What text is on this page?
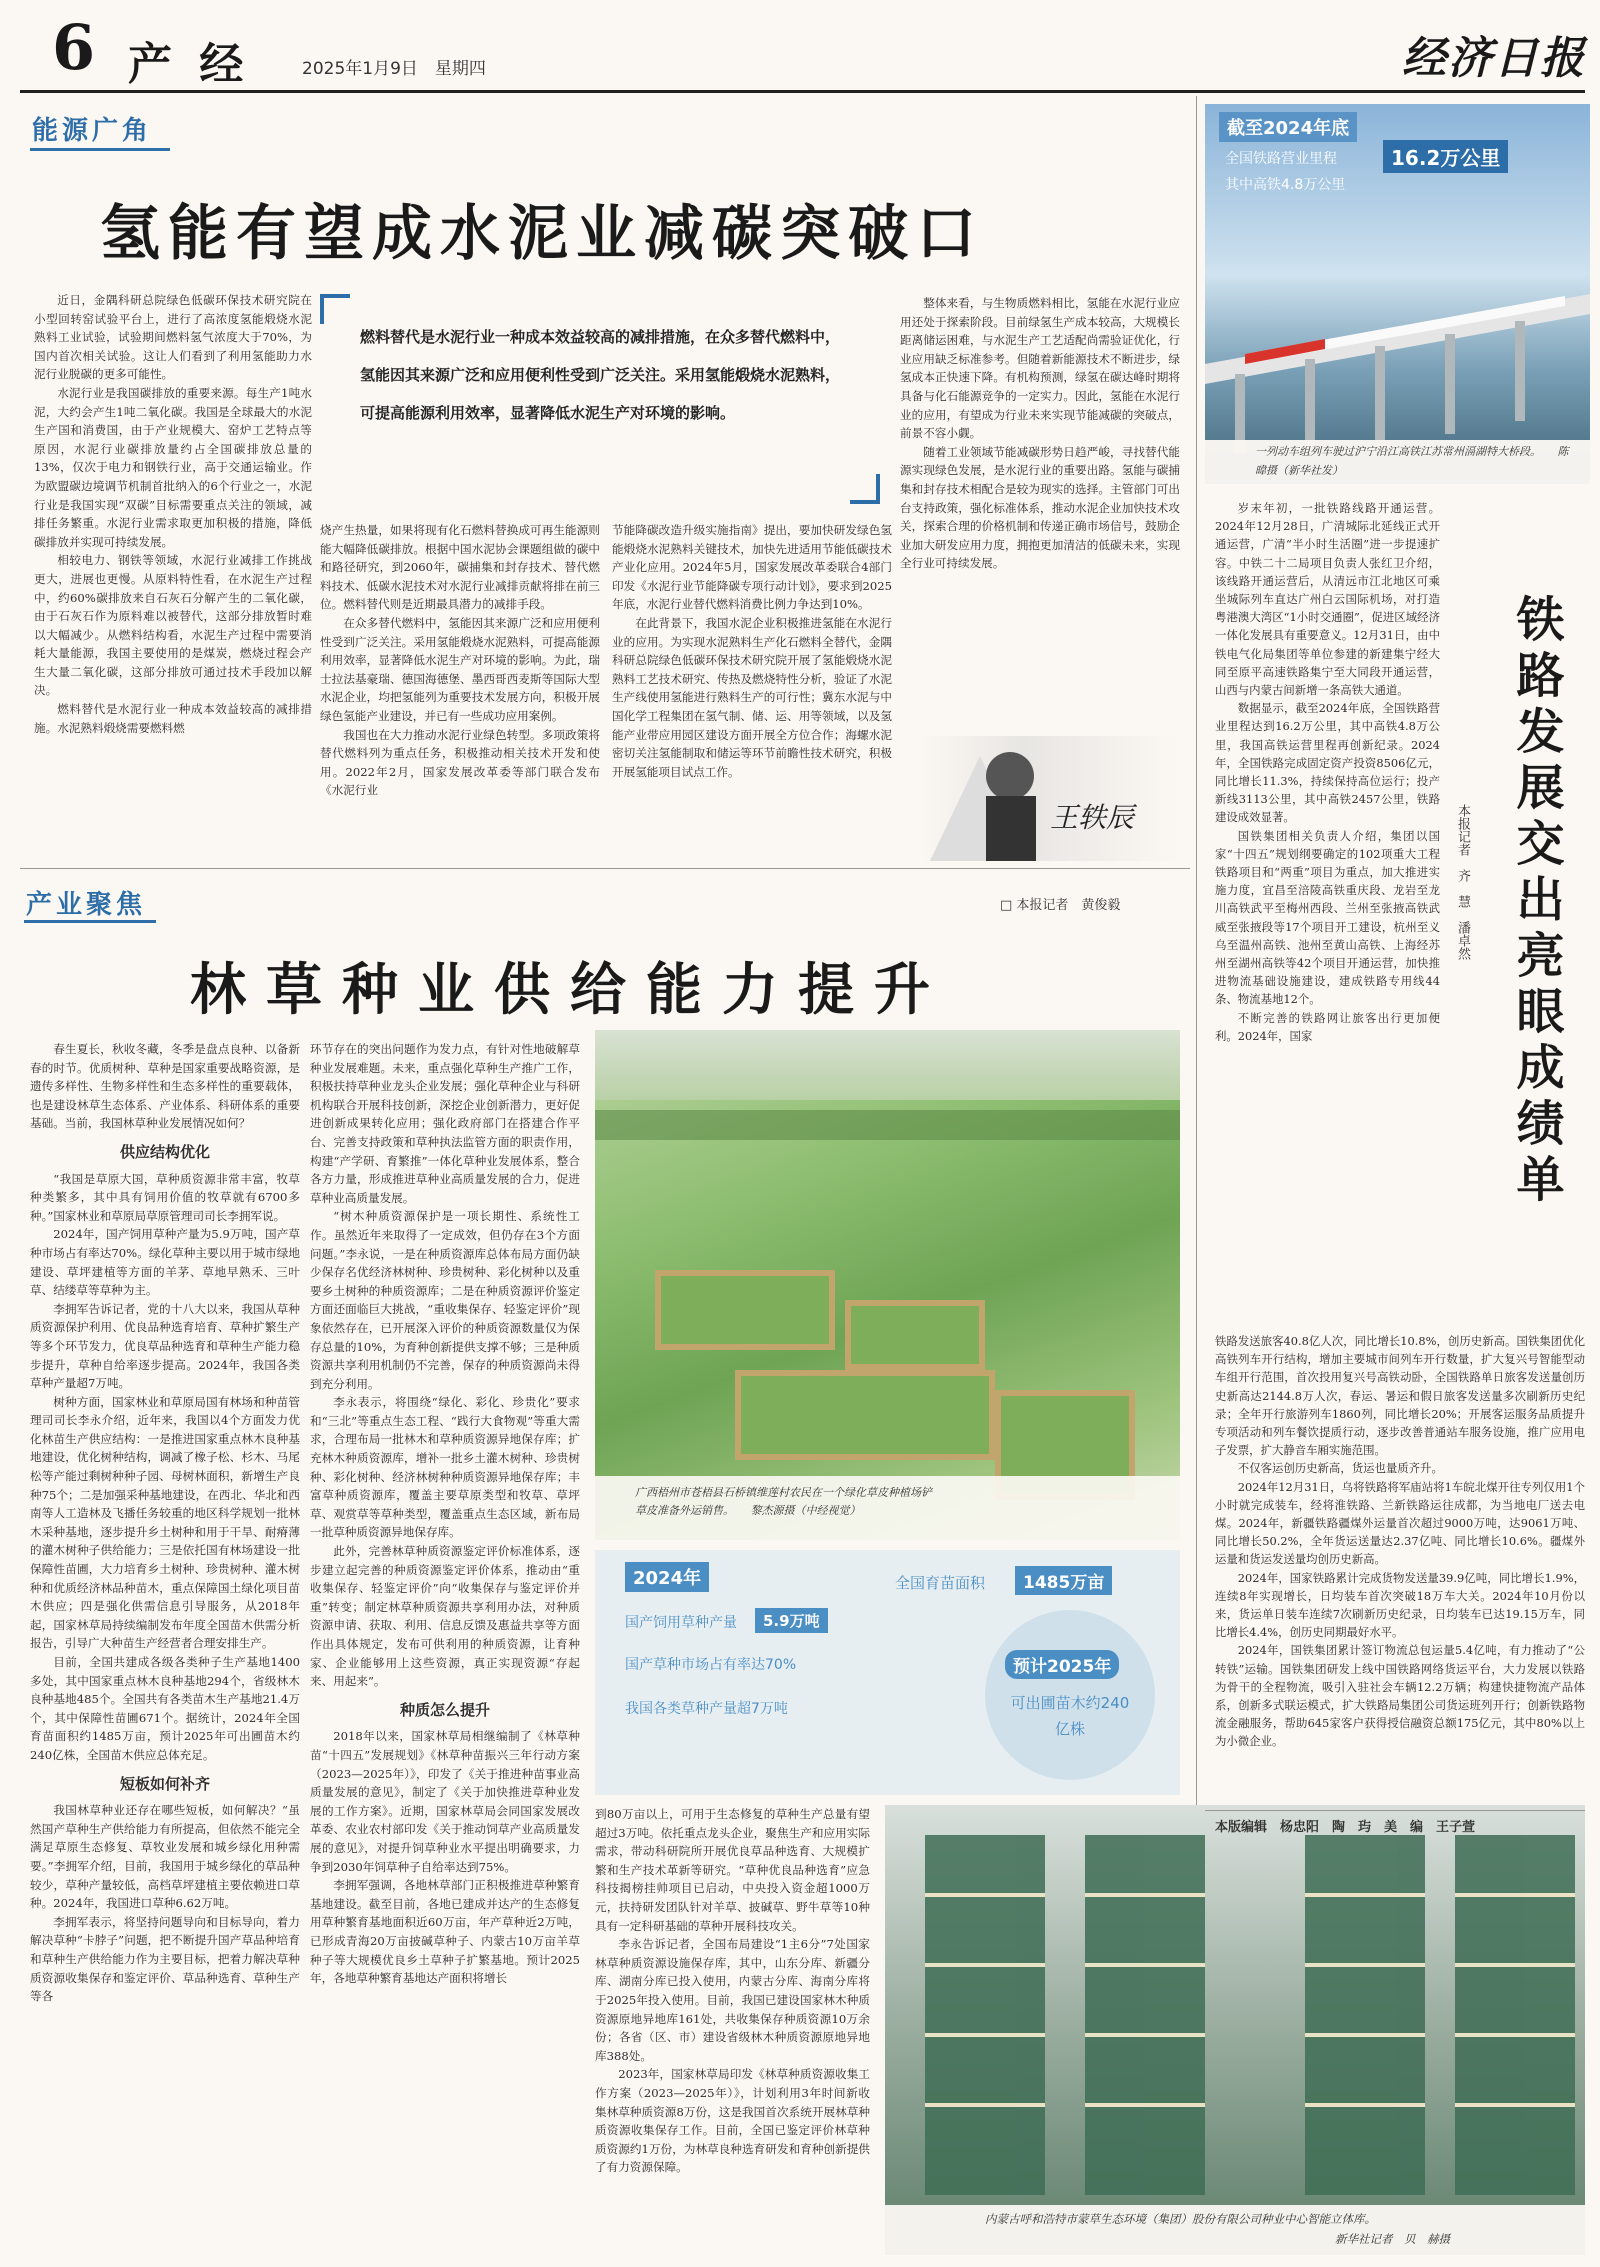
6 产 经	2025年1月9日　星期四	经济日报
能源广角
氢能有望成水泥业减碳突破口

近日，金隅科研总院绿色低碳环保技术研究院在小型回转窑试验平台上，进行了高浓度氢能煅烧水泥熟料工业试验，试验期间燃料氢气浓度大于70%，为国内首次相关试验。这让人们看到了利用氢能助力水泥行业脱碳的更多可能性。

水泥行业是我国碳排放的重要来源。每生产1吨水泥，大约会产生1吨二氧化碳。我国是全球最大的水泥生产国和消费国，由于产业规模大、窑炉工艺特点等原因，水泥行业碳排放量约占全国碳排放总量的13%，仅次于电力和钢铁行业，高于交通运输业。作为欧盟碳边境调节机制首批纳入的6个行业之一，水泥行业是我国实现“双碳”目标需要重点关注的领域，减排任务繁重。水泥行业需求取更加积极的措施，降低碳排放并实现可持续发展。

相较电力、钢铁等领域，水泥行业减排工作挑战更大，进展也更慢。从原料特性看，在水泥生产过程中，约60%碳排放来自石灰石分解产生的二氧化碳，由于石灰石作为原料难以被替代，这部分排放暂时难以大幅减少。从燃料结构看，水泥生产过程中需要消耗大量能源，我国主要使用的是煤炭，燃烧过程会产生大量二氧化碳，这部分排放可通过技术手段加以解决。

燃料替代是水泥行业一种成本效益较高的减排措施。水泥熟料煅烧需要燃料燃

燃料替代是水泥行业一种成本效益较高的减排措施，在众多替代燃料中，氢能因其来源广泛和应用便利性受到广泛关注。采用氢能煅烧水泥熟料，可提高能源利用效率，显著降低水泥生产对环境的影响。

烧产生热量，如果将现有化石燃料替换成可再生能源则能大幅降低碳排放。根据中国水泥协会课题组做的碳中和路径研究，到2060年，碳捕集和封存技术、替代燃料技术、低碳水泥技术对水泥行业减排贡献将排在前三位。燃料替代则是近期最具潜力的减排手段。

在众多替代燃料中，氢能因其来源广泛和应用便利性受到广泛关注。采用氢能煅烧水泥熟料，可提高能源利用效率，显著降低水泥生产对环境的影响。为此，瑞士拉法基豪瑞、德国海德堡、墨西哥西麦斯等国际大型水泥企业，均把氢能列为重要技术发展方向，积极开展绿色氢能产业建设，并已有一些成功应用案例。

我国也在大力推动水泥行业绿色转型。多项政策将替代燃料列为重点任务，积极推动相关技术开发和使用。2022年2月，国家发展改革委等部门联合发布《水泥行业

节能降碳改造升级实施指南》提出，要加快研发绿色氢能煅烧水泥熟料关键技术，加快先进适用节能低碳技术产业化应用。2024年5月，国家发展改革委联合4部门印发《水泥行业节能降碳专项行动计划》，要求到2025年底，水泥行业替代燃料消费比例力争达到10%。

在此背景下，我国水泥企业积极推进氢能在水泥行业的应用。为实现水泥熟料生产化石燃料全替代，金隅科研总院绿色低碳环保技术研究院开展了氢能煅烧水泥熟料工艺技术研究、传热及燃烧特性分析，验证了水泥生产线使用氢能进行熟料生产的可行性；冀东水泥与中国化学工程集团在氢气制、储、运、用等领域，以及氢能产业带应用园区建设方面开展全方位合作；海螺水泥密切关注氢能制取和储运等环节前瞻性技术研究，积极开展氢能项目试点工作。

整体来看，与生物质燃料相比，氢能在水泥行业应用还处于探索阶段。目前绿氢生产成本较高，大规模长距离储运困难，与水泥生产工艺适配尚需验证优化，行业应用缺乏标准参考。但随着新能源技术不断进步，绿氢成本正快速下降。有机构预测，绿氢在碳达峰时期将具备与化石能源竞争的一定实力。因此，氢能在水泥行业的应用，有望成为行业未来实现节能减碳的突破点，前景不容小觑。

随着工业领域节能减碳形势日趋严峻，寻找替代能源实现绿色发展，是水泥行业的重要出路。氢能与碳捕集和封存技术相配合是较为现实的选择。主管部门可出台支持政策，强化标准体系，推动水泥企业加快技术攻关，探索合理的价格机制和传递正确市场信号，鼓励企业加大研发应用力度，拥抱更加清洁的低碳未来，实现全行业可持续发展。

王轶辰
产业聚焦	□ 本报记者　黄俊毅
林草种业供给能力提升

春生夏长，秋收冬藏，冬季是盘点良种、以备新春的时节。优质树种、草种是国家重要战略资源，是遗传多样性、生物多样性和生态多样性的重要载体，也是建设林草生态体系、产业体系、科研体系的重要基础。当前，我国林草种业发展情况如何？

供应结构优化

“我国是草原大国，草种质资源非常丰富，牧草种类繁多，其中具有饲用价值的牧草就有6700多种。”国家林业和草原局草原管理司司长李拥军说。

2024年，国产饲用草种产量为5.9万吨，国产草种市场占有率达70%。绿化草种主要以用于城市绿地建设、草坪建植等方面的羊茅、草地早熟禾、三叶草、结缕草等草种为主。

李拥军告诉记者，党的十八大以来，我国从草种质资源保护利用、优良品种选育培育、草种扩繁生产等多个环节发力，优良草品种选育和草种生产能力稳步提升，草种自给率逐步提高。2024年，我国各类草种产量超7万吨。

树种方面，国家林业和草原局国有林场和种苗管理司司长李永介绍，近年来，我国以4个方面发力优化林苗生产供应结构：一是推进国家重点林木良种基地建设，优化树种结构，调减了橡子松、杉木、马尾松等产能过剩树种种子园、母树林面积，新增生产良种75个；二是加强采种基地建设，在西北、华北和西南等人工造林及飞播任务较重的地区科学规划一批林木采种基地，逐步提升乡土树种和用于干旱、耐瘠薄的灌木树种子供给能力；三是依托国有林场建设一批保障性苗圃，大力培育乡土树种、珍贵树种、灌木树种和优质经济林品种苗木，重点保障国土绿化项目苗木供应；四是强化供需信息引导服务，从2018年起，国家林草局持续编制发布年度全国苗木供需分析报告，引导广大种苗生产经营者合理安排生产。

目前，全国共建成各级各类种子生产基地1400多处，其中国家重点林木良种基地294个，省级林木良种基地485个。全国共有各类苗木生产基地21.4万个，其中保障性苗圃671个。据统计，2024年全国育苗面积约1485万亩，预计2025年可出圃苗木约240亿株，全国苗木供应总体充足。

短板如何补齐

我国林草种业还存在哪些短板，如何解决？“虽然国产草种生产供给能力有所提高，但依然不能完全满足草原生态修复、草牧业发展和城乡绿化用种需要。”李拥军介绍，目前，我国用于城乡绿化的草品种较少，草种产量较低，高档草坪建植主要依赖进口草种。2024年，我国进口草种6.62万吨。

李拥军表示，将坚持问题导向和目标导向，着力解决草种“卡脖子”问题，把不断提升国产草品种培育和草种生产供给能力作为主要目标，把着力解决草种质资源收集保存和鉴定评价、草品种选育、草种生产等各

环节存在的突出问题作为发力点，有针对性地破解草种业发展难题。未来，重点强化草种生产推广工作，积极扶持草种业龙头企业发展；强化草种企业与科研机构联合开展科技创新，深挖企业创新潜力，更好促进创新成果转化应用；强化政府部门在搭建合作平台、完善支持政策和草种执法监管方面的职责作用，构建“产学研、育繁推”一体化草种业发展体系，整合各方力量，形成推进草种业高质量发展的合力，促进草种业高质量发展。

“树木种质资源保护是一项长期性、系统性工作。虽然近年来取得了一定成效，但仍存在3个方面问题。”李永说，一是在种质资源库总体布局方面仍缺少保存名优经济林树种、珍贵树种、彩化树种以及重要乡土树种的种质资源库；二是在种质资源评价鉴定方面还面临巨大挑战，“重收集保存、轻鉴定评价”现象依然存在，已开展深入评价的种质资源数量仅为保存总量的10%，为育种创新提供支撑不够；三是种质资源共享利用机制仍不完善，保存的种质资源尚未得到充分利用。

李永表示，将围绕“绿化、彩化、珍贵化”要求和“三北”等重点生态工程、“践行大食物观”等重大需求，合理布局一批林木和草种质资源异地保存库；扩充林木种质资源库，增补一批乡土灌木树种、珍贵树种、彩化树种、经济林树种种质资源异地保存库；丰富草种质资源库，覆盖主要草原类型和牧草、草坪草、观赏草等草种类型，覆盖重点生态区域，新布局一批草种质资源异地保存库。

此外，完善林草种质资源鉴定评价标准体系，逐步建立起完善的种质资源鉴定评价体系，推动由“重收集保存、轻鉴定评价”向“收集保存与鉴定评价并重”转变；制定林草种质资源共享利用办法，对种质资源申请、获取、利用、信息反馈及惠益共享等方面作出具体规定，发布可供利用的种质资源，让育种家、企业能够用上这些资源，真正实现资源“存起来、用起来”。

种质怎么提升

2018年以来，国家林草局相继编制了《林草种苗“十四五”发展规划》《林草种苗振兴三年行动方案（2023—2025年）》，印发了《关于推进种苗事业高质量发展的意见》，制定了《关于加快推进草种业发展的工作方案》。近期，国家林草局会同国家发展改革委、农业农村部印发《关于推动饲草产业高质量发展的意见》，对提升饲草种业水平提出明确要求，力争到2030年饲草种子自给率达到75%。

李拥军强调，各地林草部门正积极推进草种繁育基地建设。截至目前，各地已建成并达产的生态修复用草种繁育基地面积近60万亩，年产草种近2万吨，已形成青海20万亩披碱草种子、内蒙古10万亩羊草种子等大规模优良乡土草种子扩繁基地。预计2025年，各地草种繁育基地达产面积将增长

广西梧州市苍梧县石桥镇维莲村农民在一个绿化草皮种植场铲草皮准备外运销售。　　黎杰源摄（中经视觉）
2024年
国产饲用草种产量	5.9万吨
国产草种市场占有率达70%
我国各类草种产量超7万吨
全国育苗面积	1485万亩
预计2025年
可出圃苗木约240亿株

到80万亩以上，可用于生态修复的草种生产总量有望超过3万吨。依托重点龙头企业，聚焦生产和应用实际需求，带动科研院所开展优良草品种选育、大规模扩繁和生产技术革新等研究。“草种优良品种选育”应急科技揭榜挂帅项目已启动，中央投入资金超1000万元，扶持研发团队针对羊草、披碱草、野牛草等10种具有一定科研基础的草种开展科技攻关。

李永告诉记者，全国布局建设“1主6分”7处国家林草种质资源设施保存库，其中，山东分库、新疆分库、湖南分库已投入使用，内蒙古分库、海南分库将于2025年投入使用。目前，我国已建设国家林木种质资源原地异地库161处，共收集保存种质资源10万余份；各省（区、市）建设省级林木种质资源原地异地库388处。

2023年，国家林草局印发《林草种质资源收集工作方案（2023—2025年）》，计划利用3年时间新收集林草种质资源8万份，这是我国首次系统开展林草种质资源收集保存工作。目前，全国已鉴定评价林草种质资源约1万份，为林草良种选育研发和育种创新提供了有力资源保障。

内蒙古呼和浩特市蒙草生态环境（集团）股份有限公司种业中心智能立体库。
新华社记者　贝　赫摄
截至2024年底
全国铁路营业里程	16.2万公里
其中高铁4.8万公里
一列动车组列车驶过沪宁沿江高铁江苏常州滆湖特大桥段。　　陈　暐摄（新华社发）

岁末年初，一批铁路线路开通运营。2024年12月28日，广清城际北延线正式开通运营，广清“半小时生活圈”进一步提速扩容。中铁二十二局项目负责人张红卫介绍，该线路开通运营后，从清远市江北地区可乘坐城际列车直达广州白云国际机场，对打造粤港澳大湾区“1小时交通圈”，促进区域经济一体化发展具有重要意义。12月31日，由中铁电气化局集团等单位参建的新建集宁经大同至原平高速铁路集宁至大同段开通运营，山西与内蒙古间新增一条高铁大通道。

数据显示，截至2024年底，全国铁路营业里程达到16.2万公里，其中高铁4.8万公里，我国高铁运营里程再创新纪录。2024年，全国铁路完成固定资产投资8506亿元，同比增长11.3%，持续保持高位运行；投产新线3113公里，其中高铁2457公里，铁路建设成效显著。

国铁集团相关负责人介绍，集团以国家“十四五”规划纲要确定的102项重大工程铁路项目和“两重”项目为重点，加大推进实施力度，宜昌至涪陵高铁重庆段、龙岩至龙川高铁武平至梅州西段、兰州至张掖高铁武威至张掖段等17个项目开工建设，杭州至义乌至温州高铁、池州至黄山高铁、上海经苏州至湖州高铁等42个项目开通运营，加快推进物流基础设施建设，建成铁路专用线44条、物流基地12个。

不断完善的铁路网让旅客出行更加便利。2024年，国家

本报记者　齐　慧　潘卓然 铁路发展交出亮眼成绩单

铁路发送旅客40.8亿人次，同比增长10.8%，创历史新高。国铁集团优化高铁列车开行结构，增加主要城市间列车开行数量，扩大复兴号智能型动车组开行范围，首次投用复兴号高铁动卧，全国铁路单日旅客发送量创历史新高达2144.8万人次，春运、暑运和假日旅客发送量多次刷新历史纪录；全年开行旅游列车1860列，同比增长20%；开展客运服务品质提升专项活动和列车餐饮提质行动，逐步改善普通站车服务设施，推广应用电子发票，扩大静音车厢实施范围。

不仅客运创历史新高，货运也量质齐升。

2024年12月31日，乌将铁路将军庙站将1车皖北煤开往专列仅用1个小时就完成装车，经将淮铁路、兰新铁路运往成都，为当地电厂送去电煤。2024年，新疆铁路疆煤外运量首次超过9000万吨，达9061万吨、同比增长50.2%，全年货运送量达2.37亿吨、同比增长10.6%。疆煤外运量和货运发送量均创历史新高。

2024年，国家铁路累计完成货物发送量39.9亿吨，同比增长1.9%，连续8年实现增长，日均装车首次突破18万车大关。2024年10月份以来，货运单日装车连续7次刷新历史纪录，日均装车已达19.15万车，同比增长4.4%，创历史同期最好水平。

2024年，国铁集团累计签订物流总包运量5.4亿吨，有力推动了“公转铁”运输。国铁集团研发上线中国铁路网络货运平台，大力发展以铁路为骨干的全程物流，吸引入驻社会车辆12.2万辆；构建快捷物流产品体系，创新多式联运模式，扩大铁路局集团公司货运班列开行；创新铁路物流金融服务，帮助645家客户获得授信融资总额175亿元，其中80%以上为小微企业。

本版编辑　杨忠阳　陶　玙　美　编　王子萱
